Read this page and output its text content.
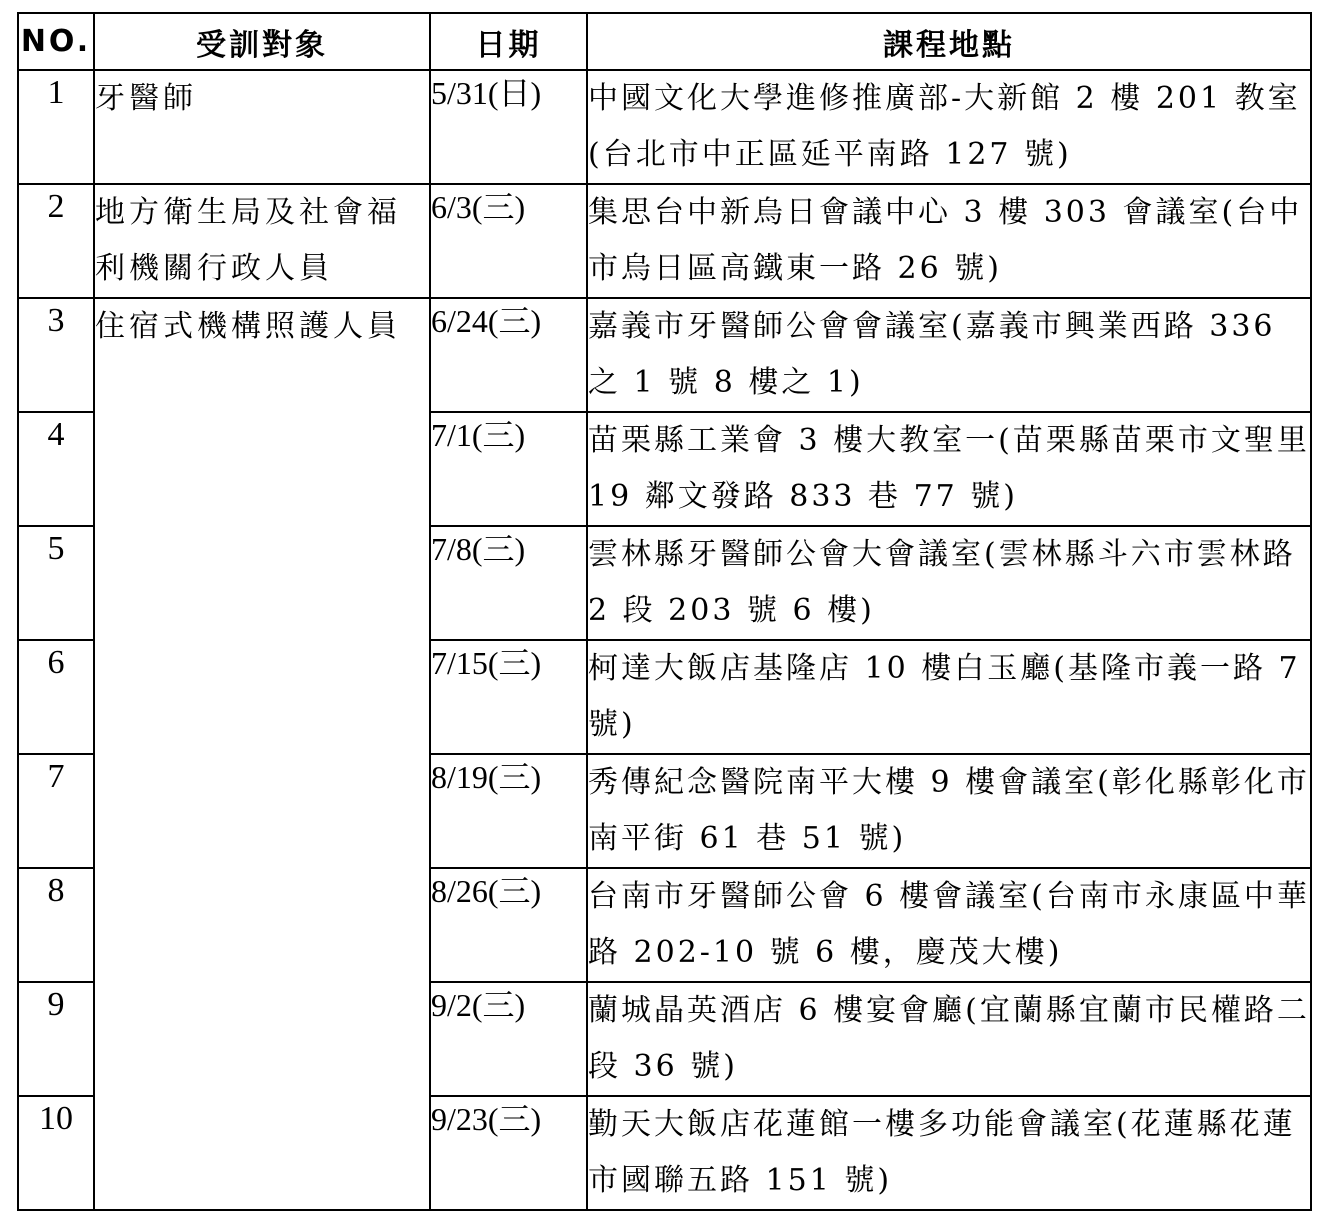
NO.	受訓對象	日期	課程地點
1	牙醫師	5/31(日)	中國文化大學進修推廣部-大新館 2 樓 201 教室(台北市中正區延平南路 127 號)
2	地方衛生局及社會福利機關行政人員	6/3(三)	集思台中新烏日會議中心 3 樓 303 會議室(台中市烏日區高鐵東一路 26 號)
3	住宿式機構照護人員	6/24(三)	嘉義市牙醫師公會會議室(嘉義市興業西路 336 之 1 號 8 樓之 1)
4		7/1(三)	苗栗縣工業會 3 樓大教室一(苗栗縣苗栗市文聖里 19 鄰文發路 833 巷 77 號)
5		7/8(三)	雲林縣牙醫師公會大會議室(雲林縣斗六市雲林路 2 段 203 號 6 樓)
6		7/15(三)	柯達大飯店基隆店 10 樓白玉廳(基隆市義一路 7 號)
7		8/19(三)	秀傳紀念醫院南平大樓 9 樓會議室(彰化縣彰化市南平街 61 巷 51 號)
8		8/26(三)	台南市牙醫師公會 6 樓會議室(台南市永康區中華路 202-10 號 6 樓，慶茂大樓)
9		9/2(三)	蘭城晶英酒店 6 樓宴會廳(宜蘭縣宜蘭市民權路二段 36 號)
10		9/23(三)	勤天大飯店花蓮館一樓多功能會議室(花蓮縣花蓮市國聯五路 151 號)
